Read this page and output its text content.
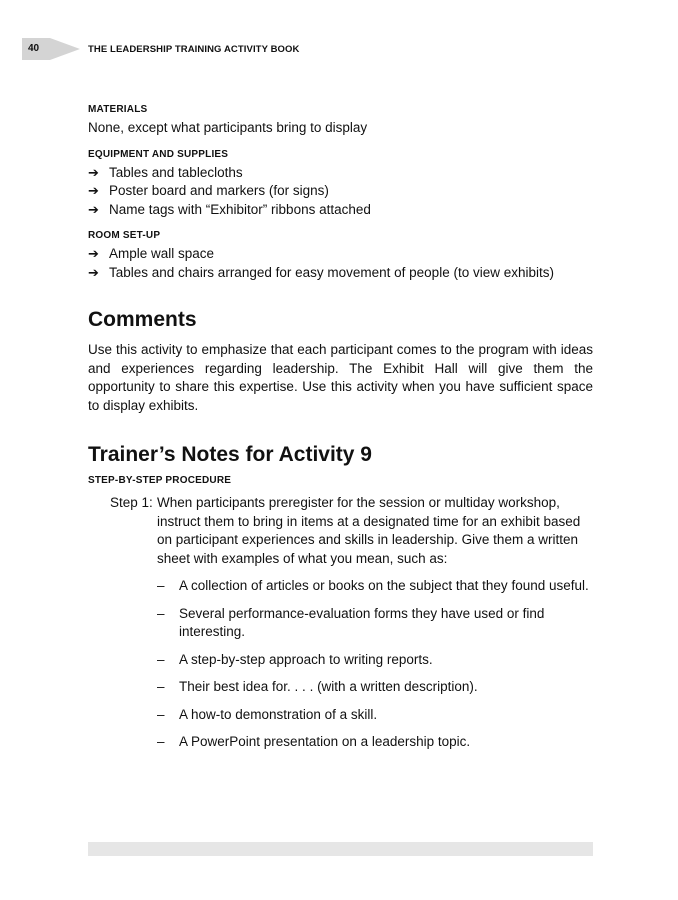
40	THE LEADERSHIP TRAINING ACTIVITY BOOK
MATERIALS

None, except what participants bring to display

EQUIPMENT AND SUPPLIES
➔ Tables and tablecloths
➔ Poster board and markers (for signs)
➔ Name tags with “Exhibitor” ribbons attached
ROOM SET-UP
➔ Ample wall space
➔ Tables and chairs arranged for easy movement of people (to view exhibits)
Comments

Use this activity to emphasize that each participant comes to the program with ideas and experiences regarding leadership. The Exhibit Hall will give them the opportunity to share this expertise. Use this activity when you have sufficient space to display exhibits.

Trainer’s Notes for Activity 9
STEP-BY-STEP PROCEDURE
Step 1: When participants preregister for the session or multiday workshop, instruct them to bring in items at a designated time for an exhibit based on participant experiences and skills in leadership. Give them a written sheet with examples of what you mean, such as:
– A collection of articles or books on the subject that they found useful.
– Several performance-evaluation forms they have used or find interesting.
– A step-by-step approach to writing reports.
– Their best idea for. . . . (with a written description).
– A how-to demonstration of a skill.
– A PowerPoint presentation on a leadership topic.
